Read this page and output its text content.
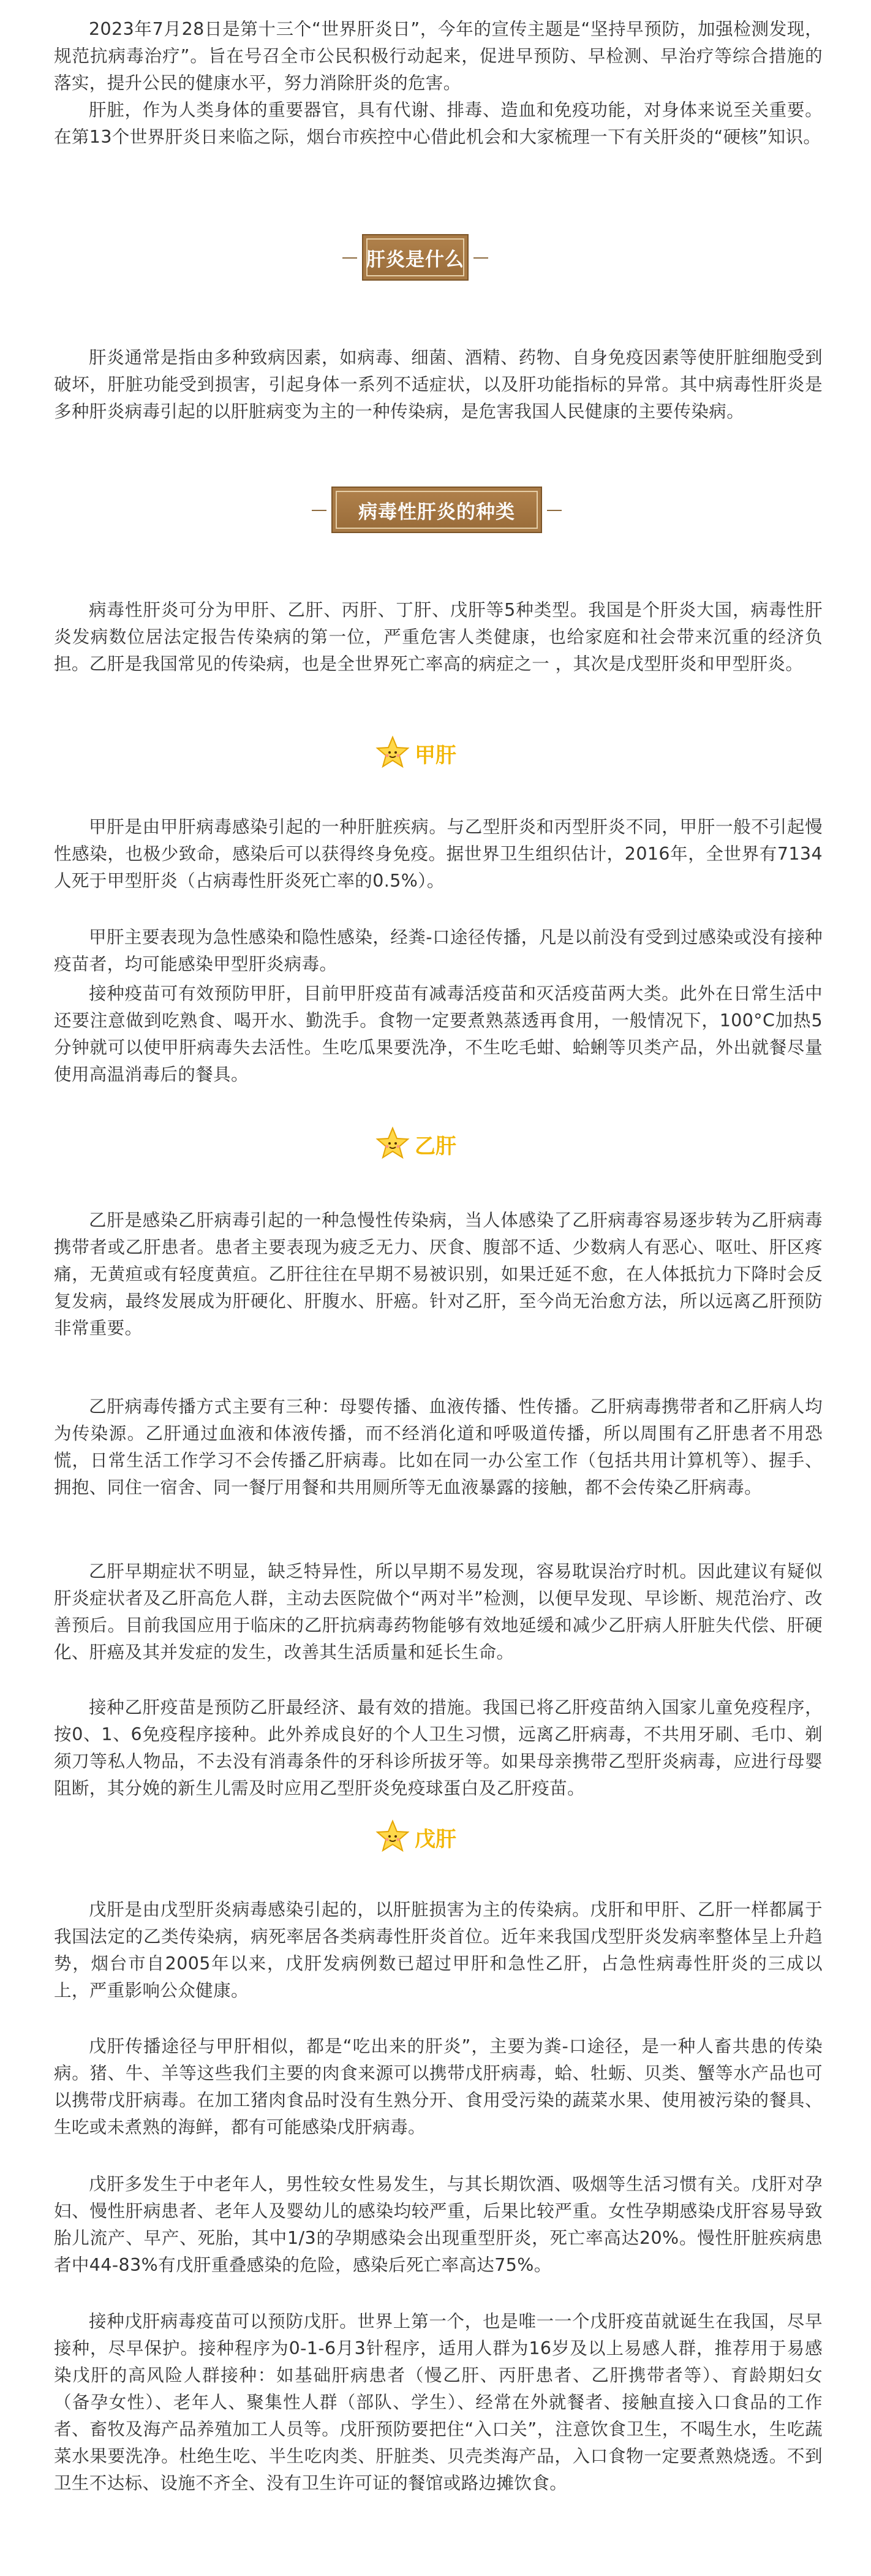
2023年7月28日是第十三个“世界肝炎日”，今年的宣传主题是“坚持早预防，加强检测发现，规范抗病毒治疗”。旨在号召全市公民积极行动起来，促进早预防、早检测、早治疗等综合措施的落实，提升公民的健康水平，努力消除肝炎的危害。

肝脏，作为人类身体的重要器官，具有代谢、排毒、造血和免疫功能，对身体来说至关重要。在第13个世界肝炎日来临之际，烟台市疾控中心借此机会和大家梳理一下有关肝炎的“硬核”知识。

肝炎是什么

肝炎通常是指由多种致病因素，如病毒、细菌、酒精、药物、自身免疫因素等使肝脏细胞受到破坏，肝脏功能受到损害，引起身体一系列不适症状，以及肝功能指标的异常。其中病毒性肝炎是多种肝炎病毒引起的以肝脏病变为主的一种传染病，是危害我国人民健康的主要传染病。

病毒性肝炎的种类

病毒性肝炎可分为甲肝、乙肝、丙肝、丁肝、戊肝等5种类型。我国是个肝炎大国，病毒性肝炎发病数位居法定报告传染病的第一位，严重危害人类健康，也给家庭和社会带来沉重的经济负担。乙肝是我国常见的传染病，也是全世界死亡率高的病症之一 ，其次是戊型肝炎和甲型肝炎。

甲肝

甲肝是由甲肝病毒感染引起的一种肝脏疾病。与乙型肝炎和丙型肝炎不同，甲肝一般不引起慢性感染，也极少致命，感染后可以获得终身免疫。据世界卫生组织估计，2016年，全世界有7134人死于甲型肝炎（占病毒性肝炎死亡率的0.5%）。

甲肝主要表现为急性感染和隐性感染，经粪-口途径传播，凡是以前没有受到过感染或没有接种疫苗者，均可能感染甲型肝炎病毒。

接种疫苗可有效预防甲肝，目前甲肝疫苗有减毒活疫苗和灭活疫苗两大类。此外在日常生活中还要注意做到吃熟食、喝开水、勤洗手。食物一定要煮熟蒸透再食用，一般情况下，100°C加热5分钟就可以使甲肝病毒失去活性。生吃瓜果要洗净，不生吃毛蚶、蛤蜊等贝类产品，外出就餐尽量使用高温消毒后的餐具。

乙肝

乙肝是感染乙肝病毒引起的一种急慢性传染病，当人体感染了乙肝病毒容易逐步转为乙肝病毒携带者或乙肝患者。患者主要表现为疲乏无力、厌食、腹部不适、少数病人有恶心、呕吐、肝区疼痛，无黄疸或有轻度黄疸。乙肝往往在早期不易被识别，如果迁延不愈，在人体抵抗力下降时会反复发病，最终发展成为肝硬化、肝腹水、肝癌。针对乙肝，至今尚无治愈方法，所以远离乙肝预防非常重要。

乙肝病毒传播方式主要有三种：母婴传播、血液传播、性传播。乙肝病毒携带者和乙肝病人均为传染源。乙肝通过血液和体液传播，而不经消化道和呼吸道传播，所以周围有乙肝患者不用恐慌，日常生活工作学习不会传播乙肝病毒。比如在同一办公室工作（包括共用计算机等）、握手、拥抱、同住一宿舍、同一餐厅用餐和共用厕所等无血液暴露的接触，都不会传染乙肝病毒。

乙肝早期症状不明显，缺乏特异性，所以早期不易发现，容易耽误治疗时机。因此建议有疑似肝炎症状者及乙肝高危人群，主动去医院做个“两对半”检测，以便早发现、早诊断、规范治疗、改善预后。目前我国应用于临床的乙肝抗病毒药物能够有效地延缓和减少乙肝病人肝脏失代偿、肝硬化、肝癌及其并发症的发生，改善其生活质量和延长生命。

接种乙肝疫苗是预防乙肝最经济、最有效的措施。我国已将乙肝疫苗纳入国家儿童免疫程序，按0、1、6免疫程序接种。此外养成良好的个人卫生习惯，远离乙肝病毒，不共用牙刷、毛巾、剃须刀等私人物品，不去没有消毒条件的牙科诊所拔牙等。如果母亲携带乙型肝炎病毒，应进行母婴阻断，其分娩的新生儿需及时应用乙型肝炎免疫球蛋白及乙肝疫苗。

戊肝

戊肝是由戊型肝炎病毒感染引起的，以肝脏损害为主的传染病。戊肝和甲肝、乙肝一样都属于我国法定的乙类传染病，病死率居各类病毒性肝炎首位。近年来我国戊型肝炎发病率整体呈上升趋势，烟台市自2005年以来，戊肝发病例数已超过甲肝和急性乙肝，占急性病毒性肝炎的三成以上，严重影响公众健康。

戊肝传播途径与甲肝相似，都是“吃出来的肝炎”，主要为粪-口途径，是一种人畜共患的传染病。猪、牛、羊等这些我们主要的肉食来源可以携带戊肝病毒，蛤、牡蛎、贝类、蟹等水产品也可以携带戊肝病毒。在加工猪肉食品时没有生熟分开、食用受污染的蔬菜水果、使用被污染的餐具、生吃或未煮熟的海鲜，都有可能感染戊肝病毒。

戊肝多发生于中老年人，男性较女性易发生，与其长期饮酒、吸烟等生活习惯有关。戊肝对孕妇、慢性肝病患者、老年人及婴幼儿的感染均较严重，后果比较严重。女性孕期感染戊肝容易导致胎儿流产、早产、死胎，其中1/3的孕期感染会出现重型肝炎，死亡率高达20%。慢性肝脏疾病患者中44-83%有戊肝重叠感染的危险，感染后死亡率高达75%。

接种戊肝病毒疫苗可以预防戊肝。世界上第一个，也是唯一一个戊肝疫苗就诞生在我国，尽早接种，尽早保护。接种程序为0-1-6月3针程序，适用人群为16岁及以上易感人群，推荐用于易感染戊肝的高风险人群接种：如基础肝病患者（慢乙肝、丙肝患者、乙肝携带者等）、育龄期妇女（备孕女性）、老年人、聚集性人群（部队、学生）、经常在外就餐者、接触直接入口食品的工作者、畜牧及海产品养殖加工人员等。戊肝预防要把住“入口关”，注意饮食卫生，不喝生水，生吃蔬菜水果要洗净。杜绝生吃、半生吃肉类、肝脏类、贝壳类海产品，入口食物一定要煮熟烧透。不到卫生不达标、设施不齐全、没有卫生许可证的餐馆或路边摊饮食。
